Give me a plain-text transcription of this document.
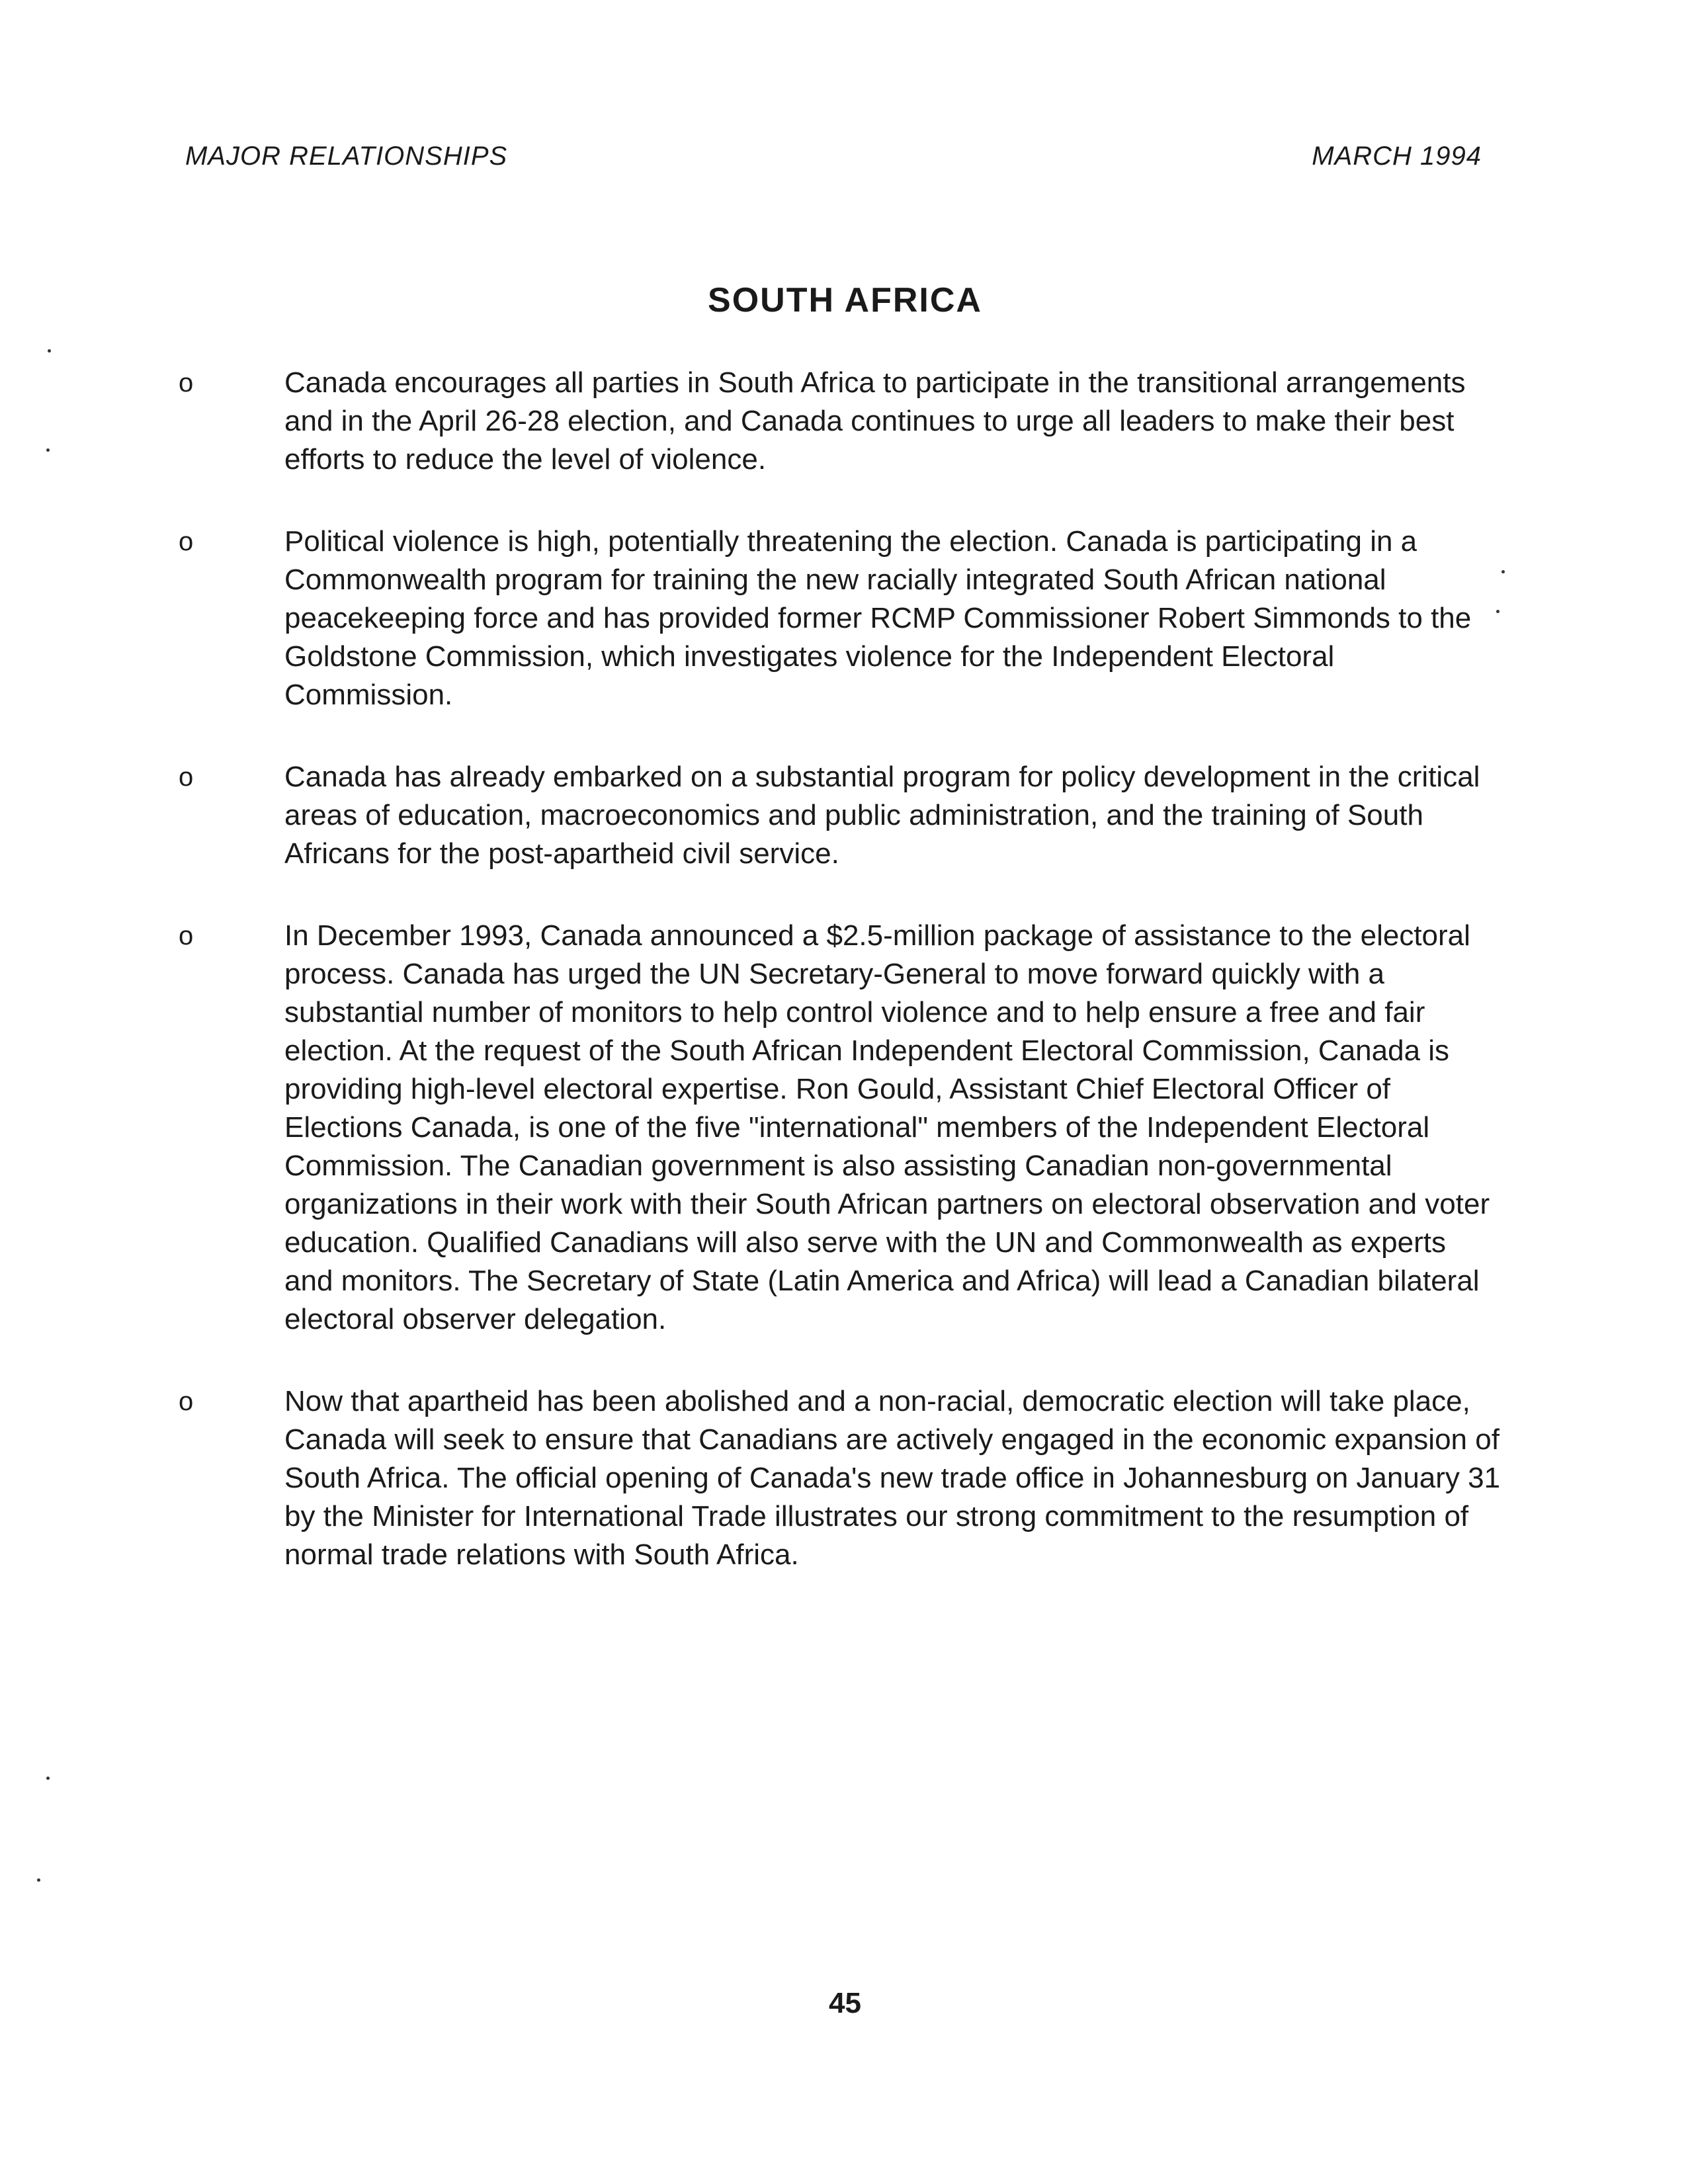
MAJOR RELATIONSHIPS	MARCH 1994
SOUTH AFRICA
o	Canada encourages all parties in South Africa to participate in the transitional arrangements and in the April 26-28 election, and Canada continues to urge all leaders to make their best efforts to reduce the level of violence.
o	Political violence is high, potentially threatening the election. Canada is participating in a Commonwealth program for training the new racially integrated South African national peacekeeping force and has provided former RCMP Commissioner Robert Simmonds to the Goldstone Commission, which investigates violence for the Independent Electoral Commission.
o	Canada has already embarked on a substantial program for policy development in the critical areas of education, macroeconomics and public administration, and the training of South Africans for the post-apartheid civil service.
o	In December 1993, Canada announced a $2.5-million package of assistance to the electoral process. Canada has urged the UN Secretary-General to move forward quickly with a substantial number of monitors to help control violence and to help ensure a free and fair election. At the request of the South African Independent Electoral Commission, Canada is providing high-level electoral expertise. Ron Gould, Assistant Chief Electoral Officer of Elections Canada, is one of the five "international" members of the Independent Electoral Commission. The Canadian government is also assisting Canadian non-governmental organizations in their work with their South African partners on electoral observation and voter education. Qualified Canadians will also serve with the UN and Commonwealth as experts and monitors. The Secretary of State (Latin America and Africa) will lead a Canadian bilateral electoral observer delegation.
o	Now that apartheid has been abolished and a non-racial, democratic election will take place, Canada will seek to ensure that Canadians are actively engaged in the economic expansion of South Africa. The official opening of Canada's new trade office in Johannesburg on January 31 by the Minister for International Trade illustrates our strong commitment to the resumption of normal trade relations with South Africa.
45
